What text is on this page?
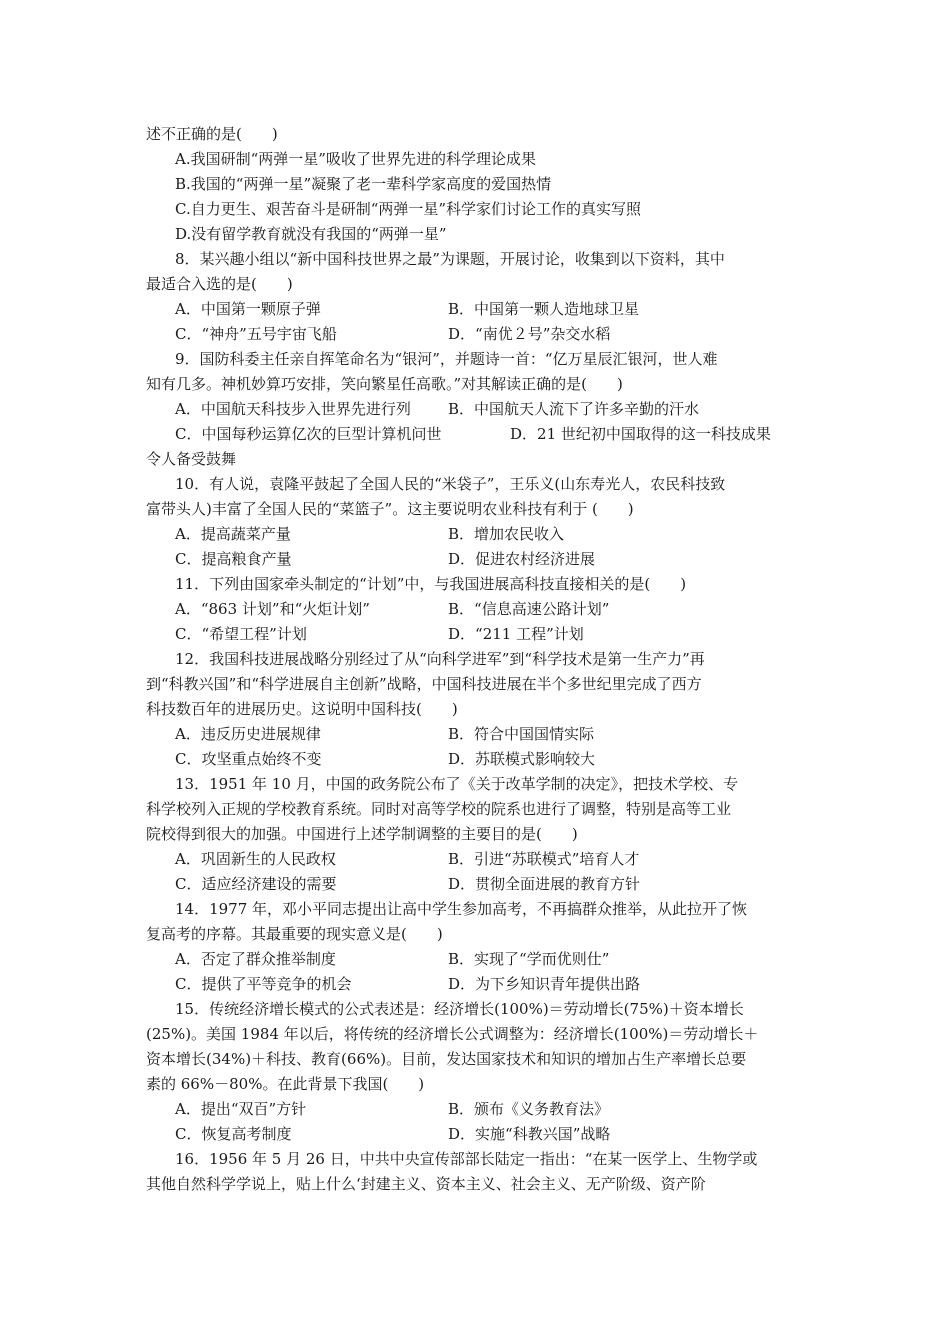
述不正确的是(　　)
A.我国研制“两弹一星”吸收了世界先进的科学理论成果
B.我国的“两弹一星”凝聚了老一辈科学家高度的爱国热情
C.自力更生、艰苦奋斗是研制“两弹一星”科学家们讨论工作的真实写照
D.没有留学教育就没有我国的“两弹一星”
8．某兴趣小组以“新中国科技世界之最”为课题，开展讨论，收集到以下资料，其中
最适合入选的是(　　)
A．中国第一颗原子弹	B．中国第一颗人造地球卫星
C．“神舟”五号宇宙飞船	D．“南优２号”杂交水稻
9．国防科委主任亲自挥笔命名为“银河”，并题诗一首：“亿万星辰汇银河，世人难
知有几多。神机妙算巧安排，笑向繁星任高歌。”对其解读正确的是(　　)
A．中国航天科技步入世界先进行列 B．中国航天人流下了许多辛勤的汗水
C．中国每秒运算亿次的巨型计算机问世	D．21 世纪初中国取得的这一科技成果
令人备受鼓舞
10．有人说，袁隆平鼓起了全国人民的“米袋子”，王乐义(山东寿光人，农民科技致
富带头人)丰富了全国人民的“菜篮子”。这主要说明农业科技有利于 (　　)
A．提高蔬菜产量	B．增加农民收入
C．提高粮食产量	D．促进农村经济进展
11．下列由国家牵头制定的“计划”中，与我国进展高科技直接相关的是(　　)
A．“863 计划”和“火炬计划”	B．“信息高速公路计划”
C．“希望工程”计划	D．“211 工程”计划
12．我国科技进展战略分别经过了从“向科学进军”到“科学技术是第一生产力”再
到“科教兴国”和“科学进展自主创新”战略，中国科技进展在半个多世纪里完成了西方
科技数百年的进展历史。这说明中国科技(　　)
A．违反历史进展规律	B．符合中国国情实际
C．攻坚重点始终不变	D．苏联模式影响较大
13．1951 年 10 月，中国的政务院公布了《关于改革学制的决定》，把技术学校、专
科学校列入正规的学校教育系统。同时对高等学校的院系也进行了调整，特别是高等工业
院校得到很大的加强。中国进行上述学制调整的主要目的是(　　)
A．巩固新生的人民政权	B．引进“苏联模式”培育人才
C．适应经济建设的需要	D．贯彻全面进展的教育方针
14．1977 年，邓小平同志提出让高中学生参加高考，不再搞群众推举，从此拉开了恢
复高考的序幕。其最重要的现实意义是(　　)
A．否定了群众推举制度	B．实现了“学而优则仕”
C．提供了平等竞争的机会	D．为下乡知识青年提供出路
15．传统经济增长模式的公式表述是：经济增长(100%)＝劳动增长(75%)＋资本增长
(25%)。美国 1984 年以后，将传统的经济增长公式调整为：经济增长(100%)＝劳动增长＋
资本增长(34%)＋科技、教育(66%)。目前，发达国家技术和知识的增加占生产率增长总要
素的 66%－80%。在此背景下我国(　　)
A．提出“双百”方针	B．颁布《义务教育法》
C．恢复高考制度	D．实施“科教兴国”战略
16．1956 年 5 月 26 日，中共中央宣传部部长陆定一指出：“在某一医学上、生物学或
其他自然科学学说上，贴上什么‘封建主义、资本主义、社会主义、无产阶级、资产阶
